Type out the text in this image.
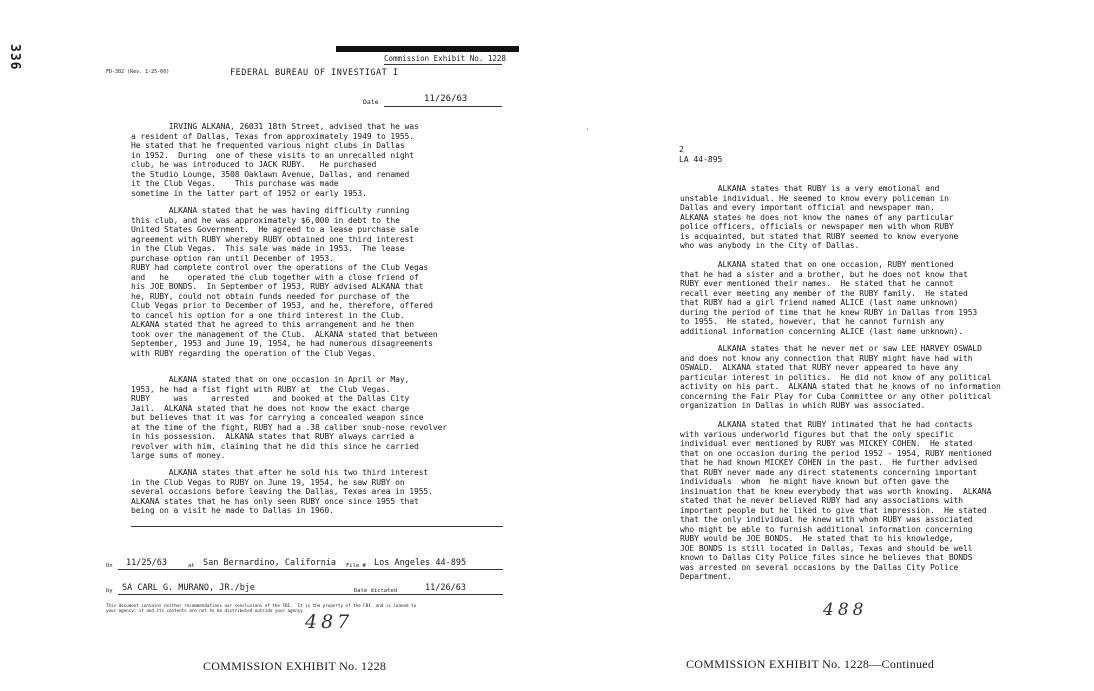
336	Commission Exhibit No. 1228
FD-302 (Rev. 1-25-60)	FEDERAL BUREAU OF INVESTIGAT I
Date	11/26/63
IRVING ALKANA, 26031 18th Street, advised that he was
a resident of Dallas, Texas from approximately 1949 to 1955.
He stated that he frequented various night clubs in Dallas
in 1952.  During  one of these visits to an unrecalled night
club, he was introduced to JACK RUBY.   He purchased
the Studio Lounge, 3508 Oaklawn Avenue, Dallas, and renamed
it the Club Vegas.    This purchase was made
sometime in the latter part of 1952 or early 1953.
ALKANA stated that he was having difficulty running
this club, and he was approximately $6,000 in debt to the
United States Government.  He agreed to a lease purchase sale
agreement with RUBY whereby RUBY obtained one third interest
in the Club Vegas.  This sale was made in 1953.  The lease
purchase option ran until December of 1953.
RUBY had complete control over the operations of the Club Vegas
and   he    operated the club together with a close friend of
his JOE BONDS.  In September of 1953, RUBY advised ALKANA that
he, RUBY, could not obtain funds needed for purchase of the
Club Vegas prior to December of 1953, and he, therefore, offered
to cancel his option for a one third interest in the Club.
ALKANA stated that he agreed to this arrangement and he then
took over the management of the Club.  ALKANA stated that between
September, 1953 and June 19, 1954, he had numerous disagreements
with RUBY regarding the operation of the Club Vegas.
ALKANA stated that on one occasion in April or May,
1953, he had a fist fight with RUBY at  the Club Vegas.
RUBY     was     arrested     and booked at the Dallas City
Jail.  ALKANA stated that he does not know the exact charge
but believes that it was for carrying a concealed weapon since
at the time of the fight, RUBY had a .38 caliber snub-nose revolver
in his possession.  ALKANA states that RUBY always carried a
revolver with him, claiming that he did this since he carried
large sums of money.
ALKANA states that after he sold his two third interest
in the Club Vegas to RUBY on June 19, 1954, he saw RUBY on
several occasions before leaving the Dallas, Texas area in 1955.
ALKANA states that he has only seen RUBY once since 1955 that
being on a visit he made to Dallas in 1960.
On 11/25/63	at San Bernardino, California File # Los Angeles 44-895
by SA CARL G. MURANO, JR./bje	Date dictated	11/26/63
This document contains neither recommendations nor conclusions of the FBI.  It is the property of the FBI  and is loaned to
your agency; it and its contents are not to be distributed outside your agency.
487
COMMISSION EXHIBIT No. 1228
'
2
LA 44-895
ALKANA states that RUBY is a very emotional and
unstable individual. He seemed to know every policeman in
Dallas and every important official and newspaper man.
ALKANA states he does not know the names of any particular
police officers, officials or newspaper men with whom RUBY
is acquainted, but stated that RUBY seemed to know everyone
who was anybody in the City of Dallas.
ALKANA stated that on one occasion, RUBY mentioned
that he had a sister and a brother, but he does not know that
RUBY ever mentioned their names.  He stated that he cannot
recall ever meeting any member of the RUBY family.  He stated
that RUBY had a girl friend named ALICE (last name unknown)
during the period of time that he knew RUBY in Dallas from 1953
to 1955.  He stated, however, that he cannot furnish any
additional information concerning ALICE (last name unknown).
ALKANA states that he never met or saw LEE HARVEY OSWALD
and does not know any connection that RUBY might have had with
OSWALD.  ALKANA stated that RUBY never appeared to have any
particular interest in politics.  He did not know of any political
activity on his part.  ALKANA stated that he knows of no information
concerning the Fair Play for Cuba Committee or any other political
organization in Dallas in which RUBY was associated.
ALKANA stated that RUBY intimated that he had contacts
with various underworld figures but that the only specific
individual ever mentioned by RUBY was MICKEY COHEN.  He stated
that on one occasion during the period 1952 - 1954, RUBY mentioned
that he had known MICKEY COHEN in the past.  He further advised
that RUBY never made any direct statements concerning important
individuals  whom  he might have known but often gave the
insinuation that he knew everybody that was worth knowing.  ALKANA
stated that he never believed RUBY had any associations with
important people but he liked to give that impression.  He stated
that the only individual he knew with whom RUBY was associated
who might be able to furnish additional information concerning
RUBY would be JOE BONDS.  He stated that to his knowledge,
JOE BONDS is still located in Dallas, Texas and should be well
known to Dallas City Police files since he believes that BONDS
was arrested on several occasions by the Dallas City Police
Department.
488
COMMISSION EXHIBIT No. 1228—Continued
